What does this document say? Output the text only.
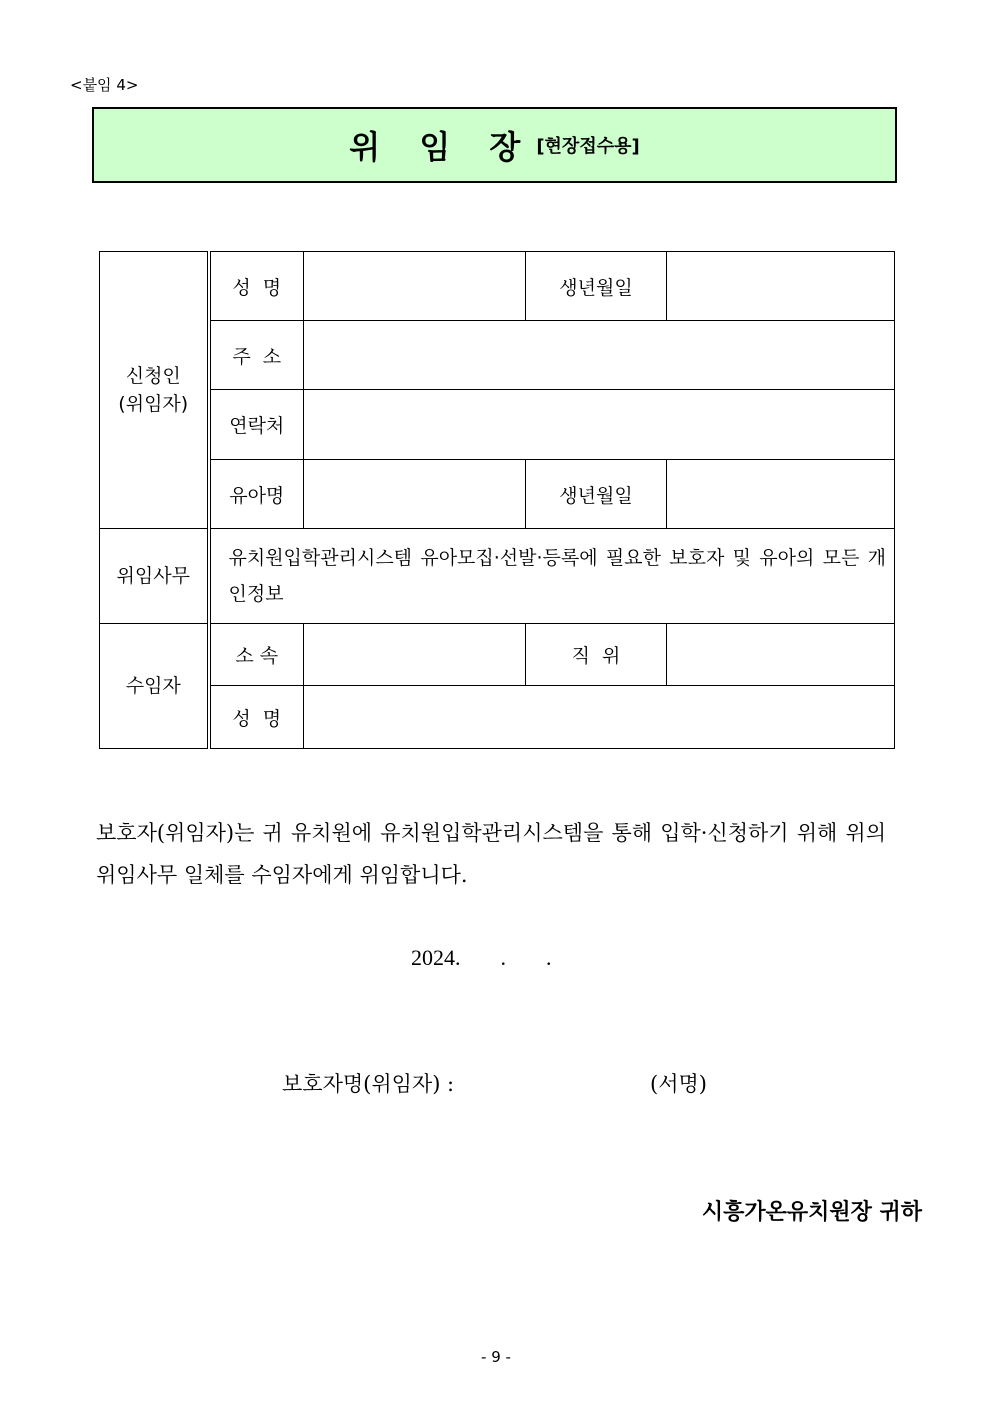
<붙임 4>
위 임 장 [현장접수용]
신청인
(위임자)	성  명		생년월일	
	주  소			
	연락처			
	유아명		생년월일	
위임사무	유치원입학관리시스템 유아모집·선발·등록에 필요한 보호자 및 유아의 모든 개인정보			
수임자	소 속		직  위	
	성  명			
보호자(위임자)는 귀 유치원에 유치원입학관리시스템을 통해 입학·신청하기 위해 위의 위임사무 일체를 수임자에게 위임합니다.
2024. . .
보호자명(위임자) :	(서명)
시흥가온유치원장 귀하
- 9 -
